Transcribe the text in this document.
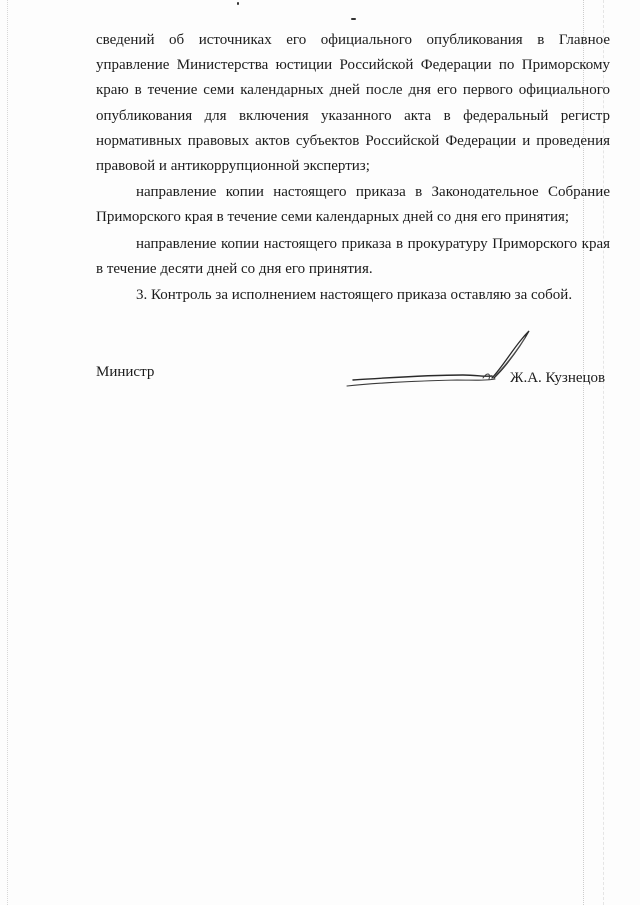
сведений об источниках его официального опубликования в Главное управление Министерства юстиции Российской Федерации по Приморскому краю в течение семи календарных дней после дня его первого официального опубликования для включения указанного акта в федеральный регистр нормативных правовых актов субъектов Российской Федерации и проведения правовой и антикоррупционной экспертиз;

направление копии настоящего приказа в Законодательное Собрание Приморского края в течение семи календарных дней со дня его принятия;

направление копии настоящего приказа в прокуратуру Приморского края в течение десяти дней со дня его принятия.

3. Контроль за исполнением настоящего приказа оставляю за собой.

Министр	Ж.А. Кузнецов
